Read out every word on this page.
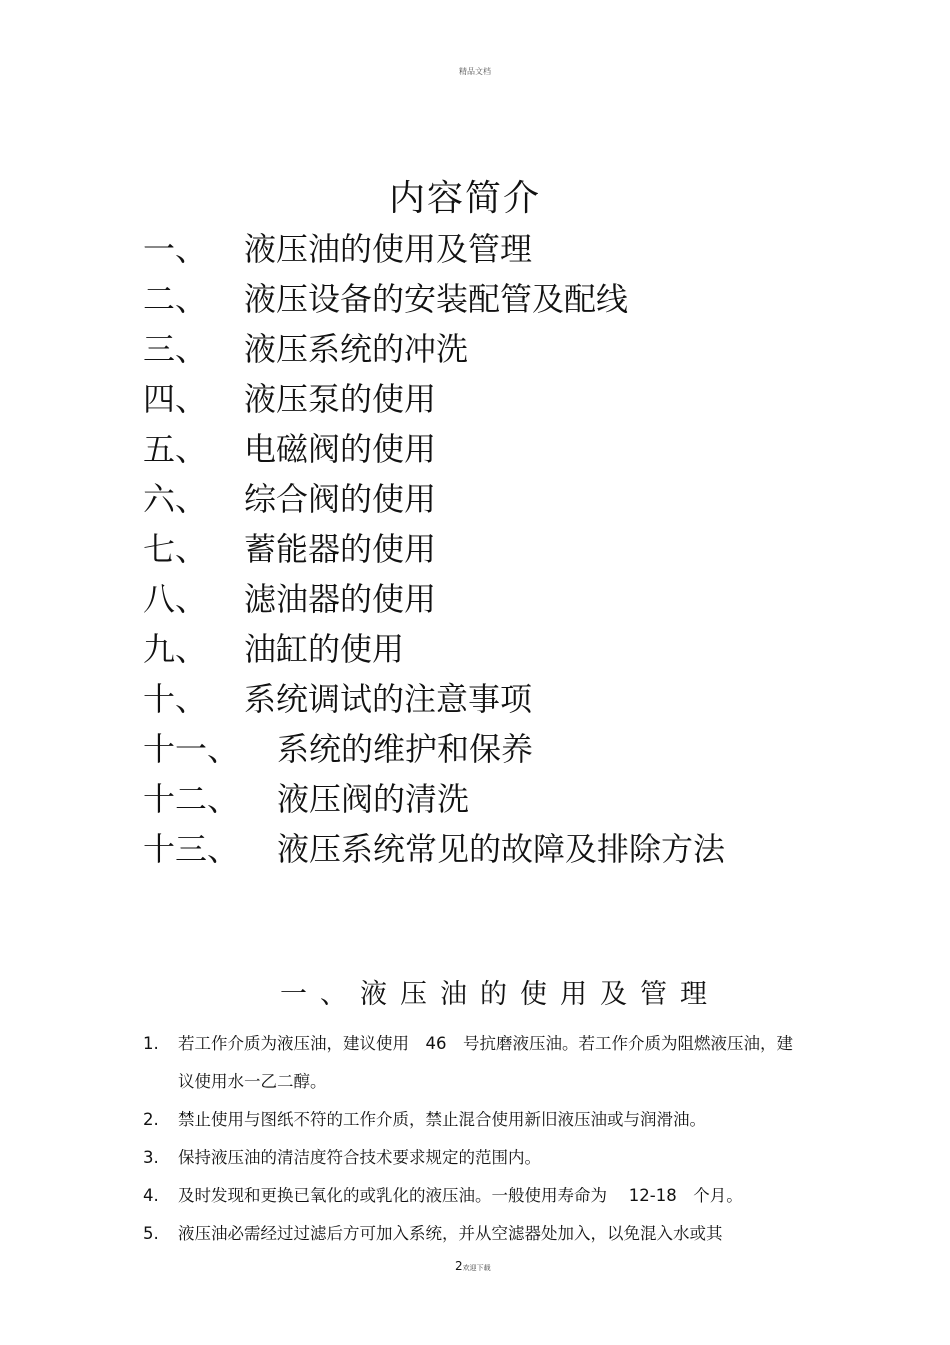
精品文档
内容简介
一、	液压油的使用及管理
二、	液压设备的安装配管及配线
三、	液压系统的冲洗
四、	液压泵的使用
五、	电磁阀的使用
六、	综合阀的使用
七、	蓄能器的使用
八、	滤油器的使用
九、	油缸的使用
十、	系统调试的注意事项
十一、	系统的维护和保养
十二、	液压阀的清洗
十三、	液压系统常见的故障及排除方法
一、液压油的使用及管理
1.	若工作介质为液压油，建议使用　46　号抗磨液压油。若工作介质为阻燃液压油，建议使用水一乙二醇。
2.	禁止使用与图纸不符的工作介质，禁止混合使用新旧液压油或与润滑油。
3.	保持液压油的清洁度符合技术要求规定的范围内。
4.	及时发现和更换已氧化的或乳化的液压油。一般使用寿命为　 12-18　个月。
5.	液压油必需经过过滤后方可加入系统，并从空滤器处加入，以免混入水或其
2欢迎下载
